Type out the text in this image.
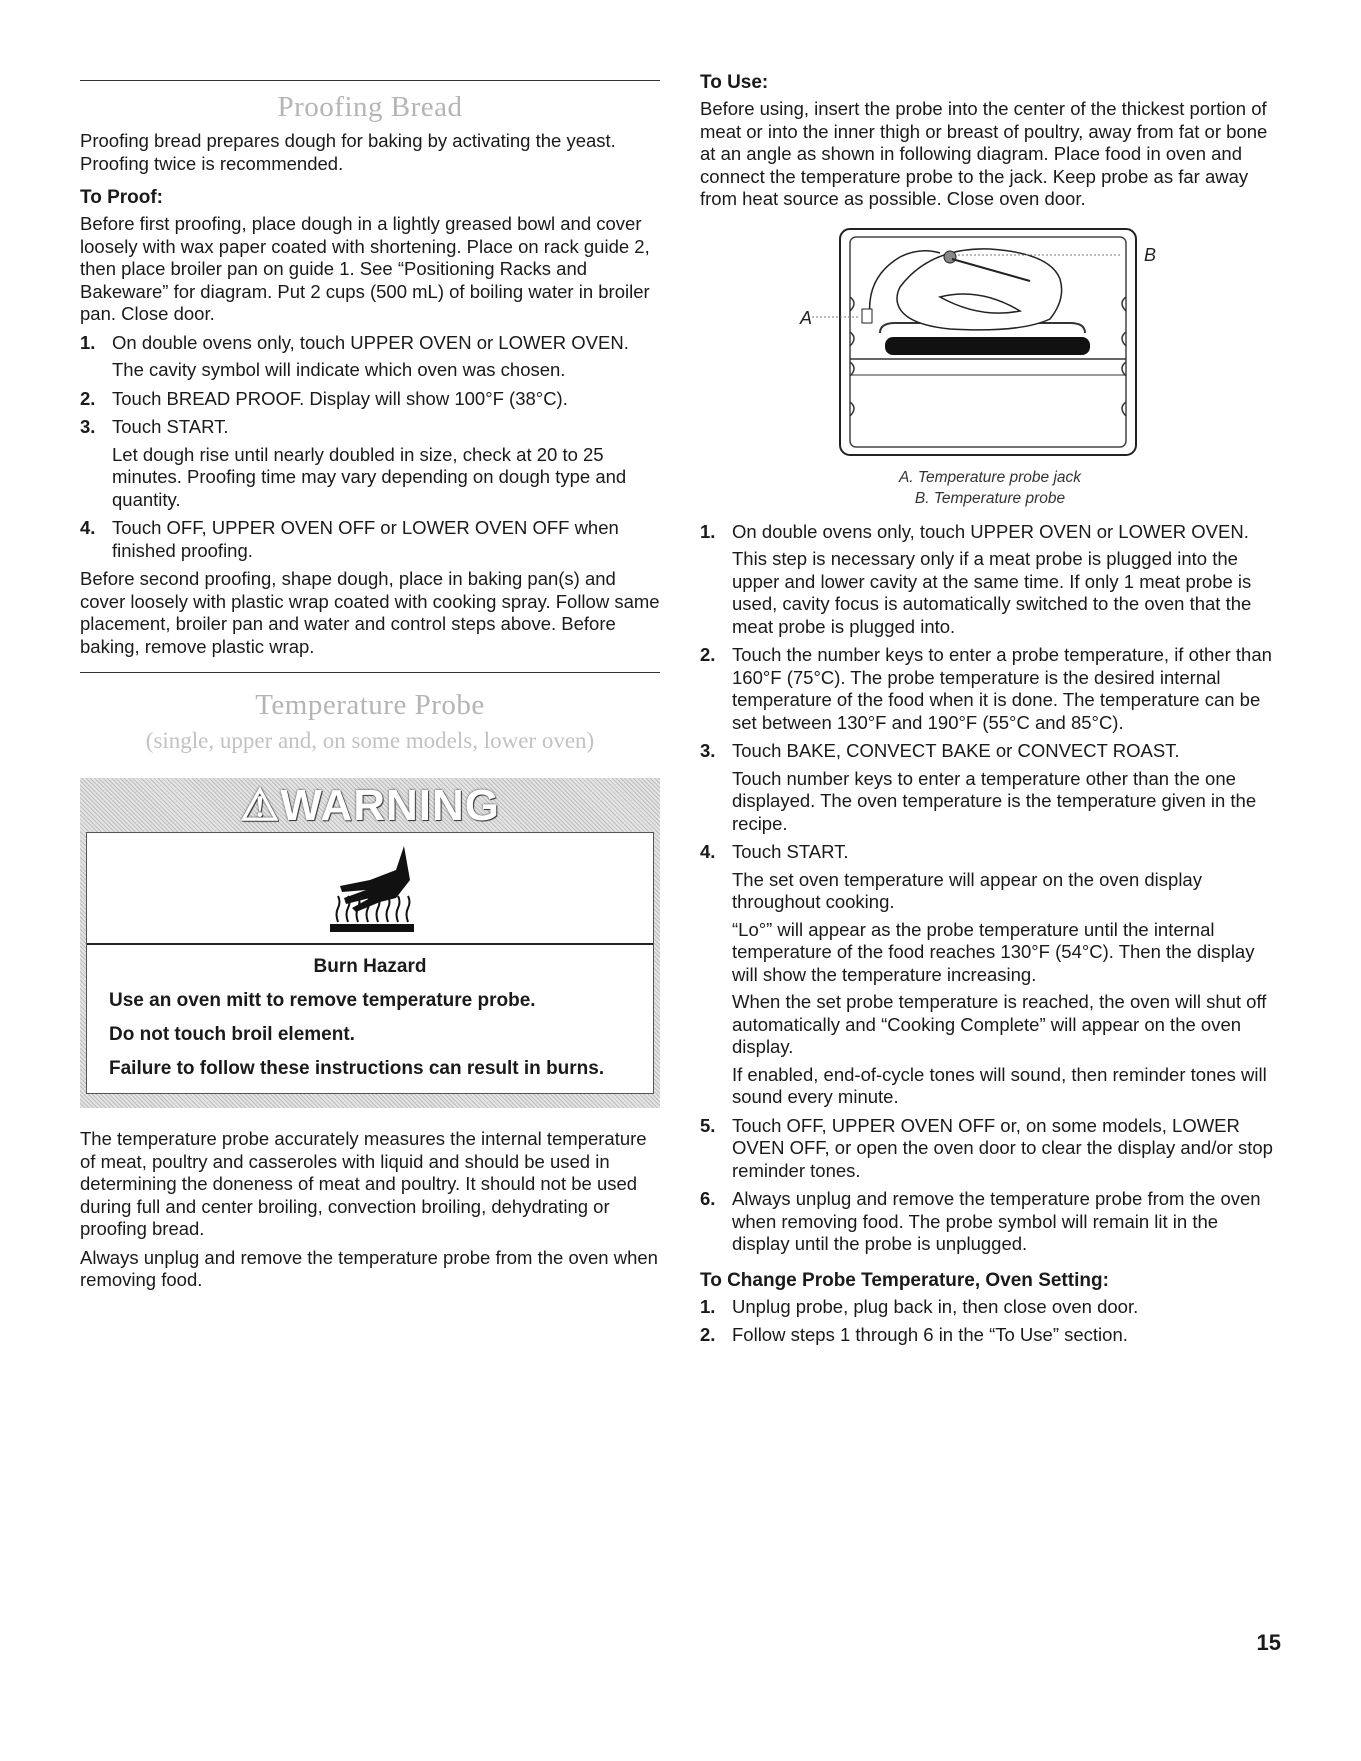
Proofing Bread

Proofing bread prepares dough for baking by activating the yeast. Proofing twice is recommended.

To Proof:

Before first proofing, place dough in a lightly greased bowl and cover loosely with wax paper coated with shortening. Place on rack guide 2, then place broiler pan on guide 1. See “Positioning Racks and Bakeware” for diagram. Put 2 cups (500 mL) of boiling water in broiler pan. Close door.

1. On double ovens only, touch UPPER OVEN or LOWER OVEN.
The cavity symbol will indicate which oven was chosen.
2. Touch BREAD PROOF. Display will show 100°F (38°C).
3. Touch START.
Let dough rise until nearly doubled in size, check at 20 to 25 minutes. Proofing time may vary depending on dough type and quantity.
4. Touch OFF, UPPER OVEN OFF or LOWER OVEN OFF when finished proofing.

Before second proofing, shape dough, place in baking pan(s) and cover loosely with plastic wrap coated with cooking spray. Follow same placement, broiler pan and water and control steps above. Before baking, remove plastic wrap.

Temperature Probe
(single, upper and, on some models, lower oven)
⚠WARNING

Burn Hazard

Use an oven mitt to remove temperature probe.

Do not touch broil element.

Failure to follow these instructions can result in burns.

The temperature probe accurately measures the internal temperature of meat, poultry and casseroles with liquid and should be used in determining the doneness of meat and poultry. It should not be used during full and center broiling, convection broiling, dehydrating or proofing bread.

Always unplug and remove the temperature probe from the oven when removing food.

To Use:

Before using, insert the probe into the center of the thickest portion of meat or into the inner thigh or breast of poultry, away from fat or bone at an angle as shown in following diagram. Place food in oven and connect the temperature probe to the jack. Keep probe as far away from heat source as possible. Close oven door.

A
B
A. Temperature probe jack
B. Temperature probe
1. On double ovens only, touch UPPER OVEN or LOWER OVEN.
This step is necessary only if a meat probe is plugged into the upper and lower cavity at the same time. If only 1 meat probe is used, cavity focus is automatically switched to the oven that the meat probe is plugged into.
2. Touch the number keys to enter a probe temperature, if other than 160°F (75°C). The probe temperature is the desired internal temperature of the food when it is done. The temperature can be set between 130°F and 190°F (55°C and 85°C).
3. Touch BAKE, CONVECT BAKE or CONVECT ROAST.
Touch number keys to enter a temperature other than the one displayed. The oven temperature is the temperature given in the recipe.
4. Touch START.
The set oven temperature will appear on the oven display throughout cooking.
“Lo°” will appear as the probe temperature until the internal temperature of the food reaches 130°F (54°C). Then the display will show the temperature increasing.
When the set probe temperature is reached, the oven will shut off automatically and “Cooking Complete” will appear on the oven display.
If enabled, end-of-cycle tones will sound, then reminder tones will sound every minute.
5. Touch OFF, UPPER OVEN OFF or, on some models, LOWER OVEN OFF, or open the oven door to clear the display and/or stop reminder tones.
6. Always unplug and remove the temperature probe from the oven when removing food. The probe symbol will remain lit in the display until the probe is unplugged.
To Change Probe Temperature, Oven Setting:
1. Unplug probe, plug back in, then close oven door.
2. Follow steps 1 through 6 in the “To Use” section.
15
